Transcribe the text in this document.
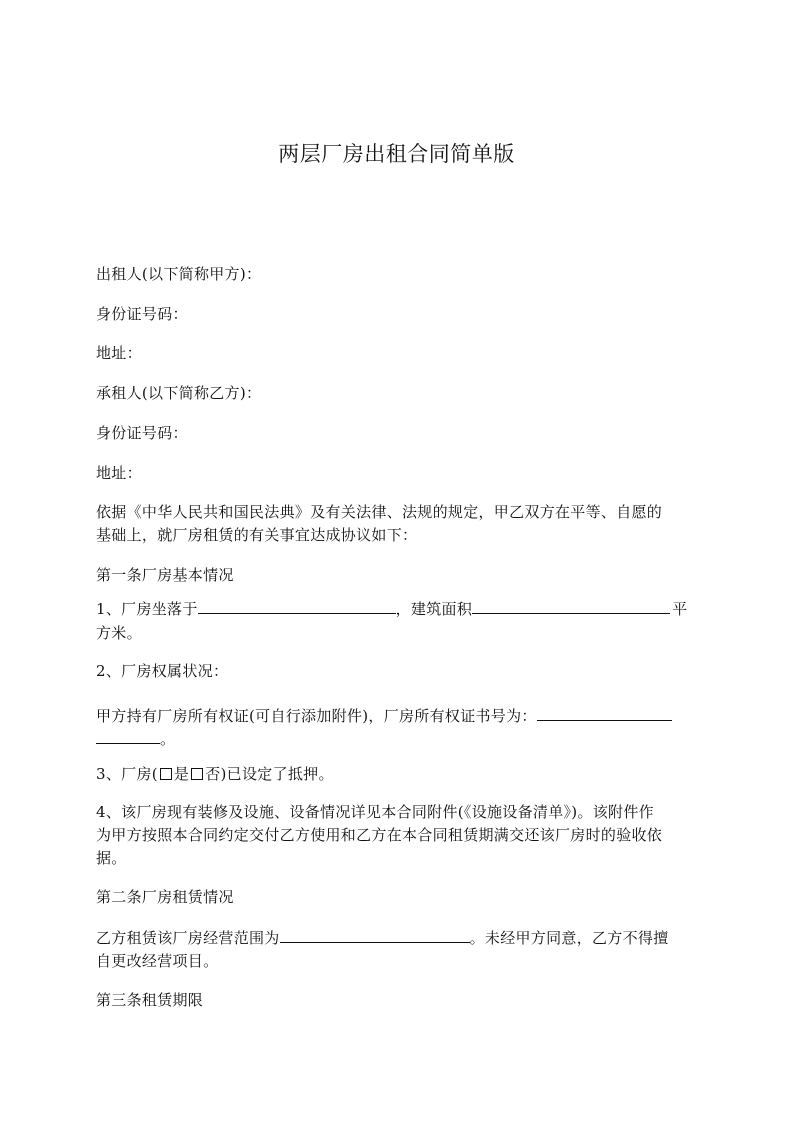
两层厂房出租合同简单版
出租人(以下简称甲方)：
身份证号码：
地址：
承租人(以下简称乙方)：
身份证号码：
地址：
依据《中华人民共和国民法典》及有关法律、法规的规定，甲乙双方在平等、自愿的
基础上，就厂房租赁的有关事宜达成协议如下：
第一条厂房基本情况
1、厂房坐落于	，建筑面积	平
方米。
2、厂房权属状况：
甲方持有厂房所有权证(可自行添加附件)，厂房所有权证书号为：
。
3、厂房( 是 否)已设定了抵押。
4、该厂房现有装修及设施、设备情况详见本合同附件(《设施设备清单》)。该附件作
为甲方按照本合同约定交付乙方使用和乙方在本合同租赁期满交还该厂房时的验收依
据。
第二条厂房租赁情况
乙方租赁该厂房经营范围为	。未经甲方同意，乙方不得擅
自更改经营项目。
第三条租赁期限
